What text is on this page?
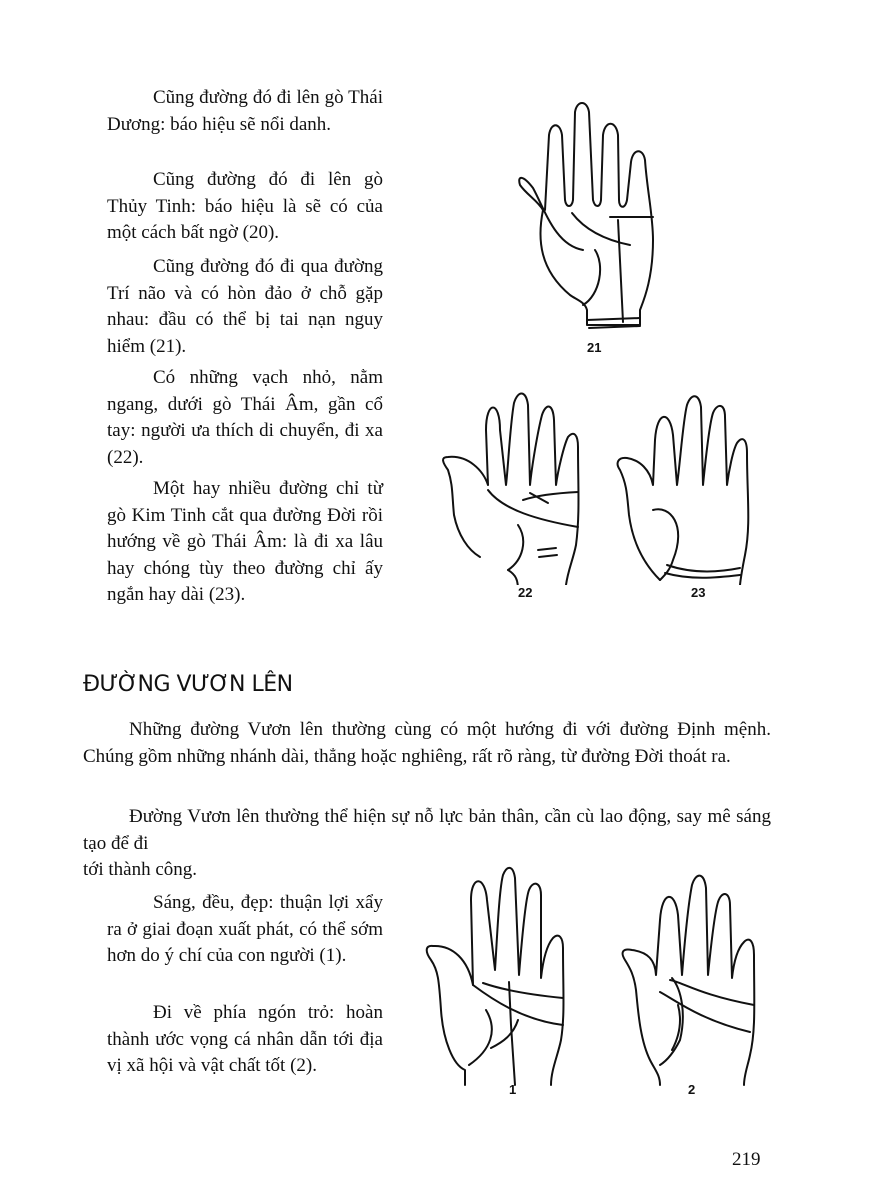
Cũng đường đó đi lên gò Thái Dương: báo hiệu sẽ nổi danh.

Cũng đường đó đi lên gò Thủy Tinh: báo hiệu là sẽ có của một cách bất ngờ (20).

Cũng đường đó đi qua đường Trí não và có hòn đảo ở chỗ gặp nhau: đầu có thể bị tai nạn nguy hiểm (21).

Có những vạch nhỏ, nằm ngang, dưới gò Thái Âm, gần cổ tay: người ưa thích di chuyển, đi xa (22).

Một hay nhiều đường chỉ từ gò Kim Tinh cắt qua đường Đời rồi hướng về gò Thái Âm: là đi xa lâu hay chóng tùy theo đường chỉ ấy ngắn hay dài (23).

21
22	23
ĐƯỜNG VƯƠN LÊN

Những đường Vươn lên thường cùng có một hướng đi với đường Định mệnh. Chúng gồm những nhánh dài, thẳng hoặc nghiêng, rất rõ ràng, từ đường Đời thoát ra.

Đường Vươn lên thường thể hiện sự nỗ lực bản thân, cần cù lao động, say mê sáng tạo để đi

tới thành công.

Sáng, đều, đẹp: thuận lợi xẩy ra ở giai đoạn xuất phát, có thể sớm hơn do ý chí của con người (1).

Đi về phía ngón trỏ: hoàn thành ước vọng cá nhân dẫn tới địa vị xã hội và vật chất tốt (2).

1	2
219
